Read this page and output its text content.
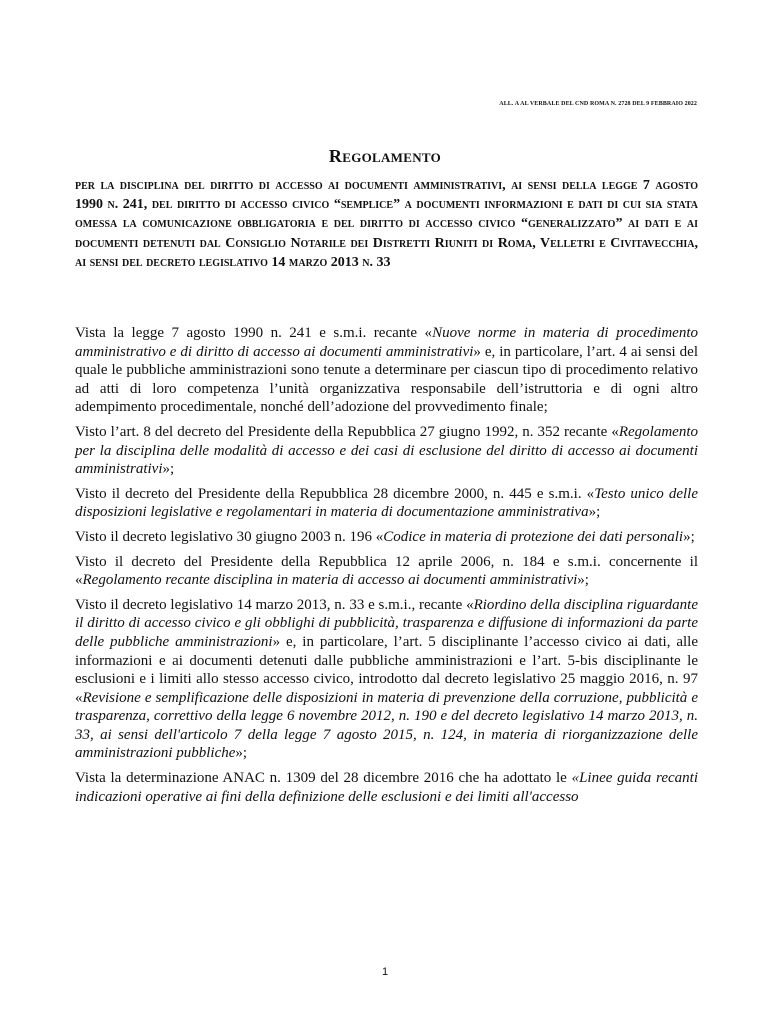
ALL. A AL VERBALE DEL CND ROMA N. 2728 DEL 9 FEBBRAIO 2022
Regolamento
per la disciplina del diritto di accesso ai documenti amministrativi, ai sensi della legge 7 agosto 1990 n. 241, del diritto di accesso civico “semplice” a documenti informazioni e dati di cui sia stata omessa la comunicazione obbligatoria e del diritto di accesso civico “generalizzato” ai dati e ai documenti detenuti dal Consiglio Notarile dei Distretti Riuniti di Roma, Velletri e Civitavecchia, ai sensi del decreto legislativo 14 marzo 2013 n. 33

Vista la legge 7 agosto 1990 n. 241 e s.m.i. recante «Nuove norme in materia di procedimento amministrativo e di diritto di accesso ai documenti amministrativi» e, in particolare, l’art. 4 ai sensi del quale le pubbliche amministrazioni sono tenute a determinare per ciascun tipo di procedimento relativo ad atti di loro competenza l’unità organizzativa responsabile dell’istruttoria e di ogni altro adempimento procedimentale, nonché dell’adozione del provvedimento finale;

Visto l’art. 8 del decreto del Presidente della Repubblica 27 giugno 1992, n. 352 recante «Regolamento per la disciplina delle modalità di accesso e dei casi di esclusione del diritto di accesso ai documenti amministrativi»;

Visto il decreto del Presidente della Repubblica 28 dicembre 2000, n. 445 e s.m.i. «Testo unico delle disposizioni legislative e regolamentari in materia di documentazione amministrativa»;

Visto il decreto legislativo 30 giugno 2003 n. 196 «Codice in materia di protezione dei dati personali»;

Visto il decreto del Presidente della Repubblica 12 aprile 2006, n. 184 e s.m.i. concernente il «Regolamento recante disciplina in materia di accesso ai documenti amministrativi»;

Visto il decreto legislativo 14 marzo 2013, n. 33 e s.m.i., recante «Riordino della disciplina riguardante il diritto di accesso civico e gli obblighi di pubblicità, trasparenza e diffusione di informazioni da parte delle pubbliche amministrazioni» e, in particolare, l’art. 5 disciplinante l’accesso civico ai dati, alle informazioni e ai documenti detenuti dalle pubbliche amministrazioni e l’art. 5-bis disciplinante le esclusioni e i limiti allo stesso accesso civico, introdotto dal decreto legislativo 25 maggio 2016, n. 97 «Revisione e semplificazione delle disposizioni in materia di prevenzione della corruzione, pubblicità e trasparenza, correttivo della legge 6 novembre 2012, n. 190 e del decreto legislativo 14 marzo 2013, n. 33, ai sensi dell'articolo 7 della legge 7 agosto 2015, n. 124, in materia di riorganizzazione delle amministrazioni pubbliche»;

Vista la determinazione ANAC n. 1309 del 28 dicembre 2016 che ha adottato le «Linee guida recanti indicazioni operative ai fini della definizione delle esclusioni e dei limiti all'accesso

1
